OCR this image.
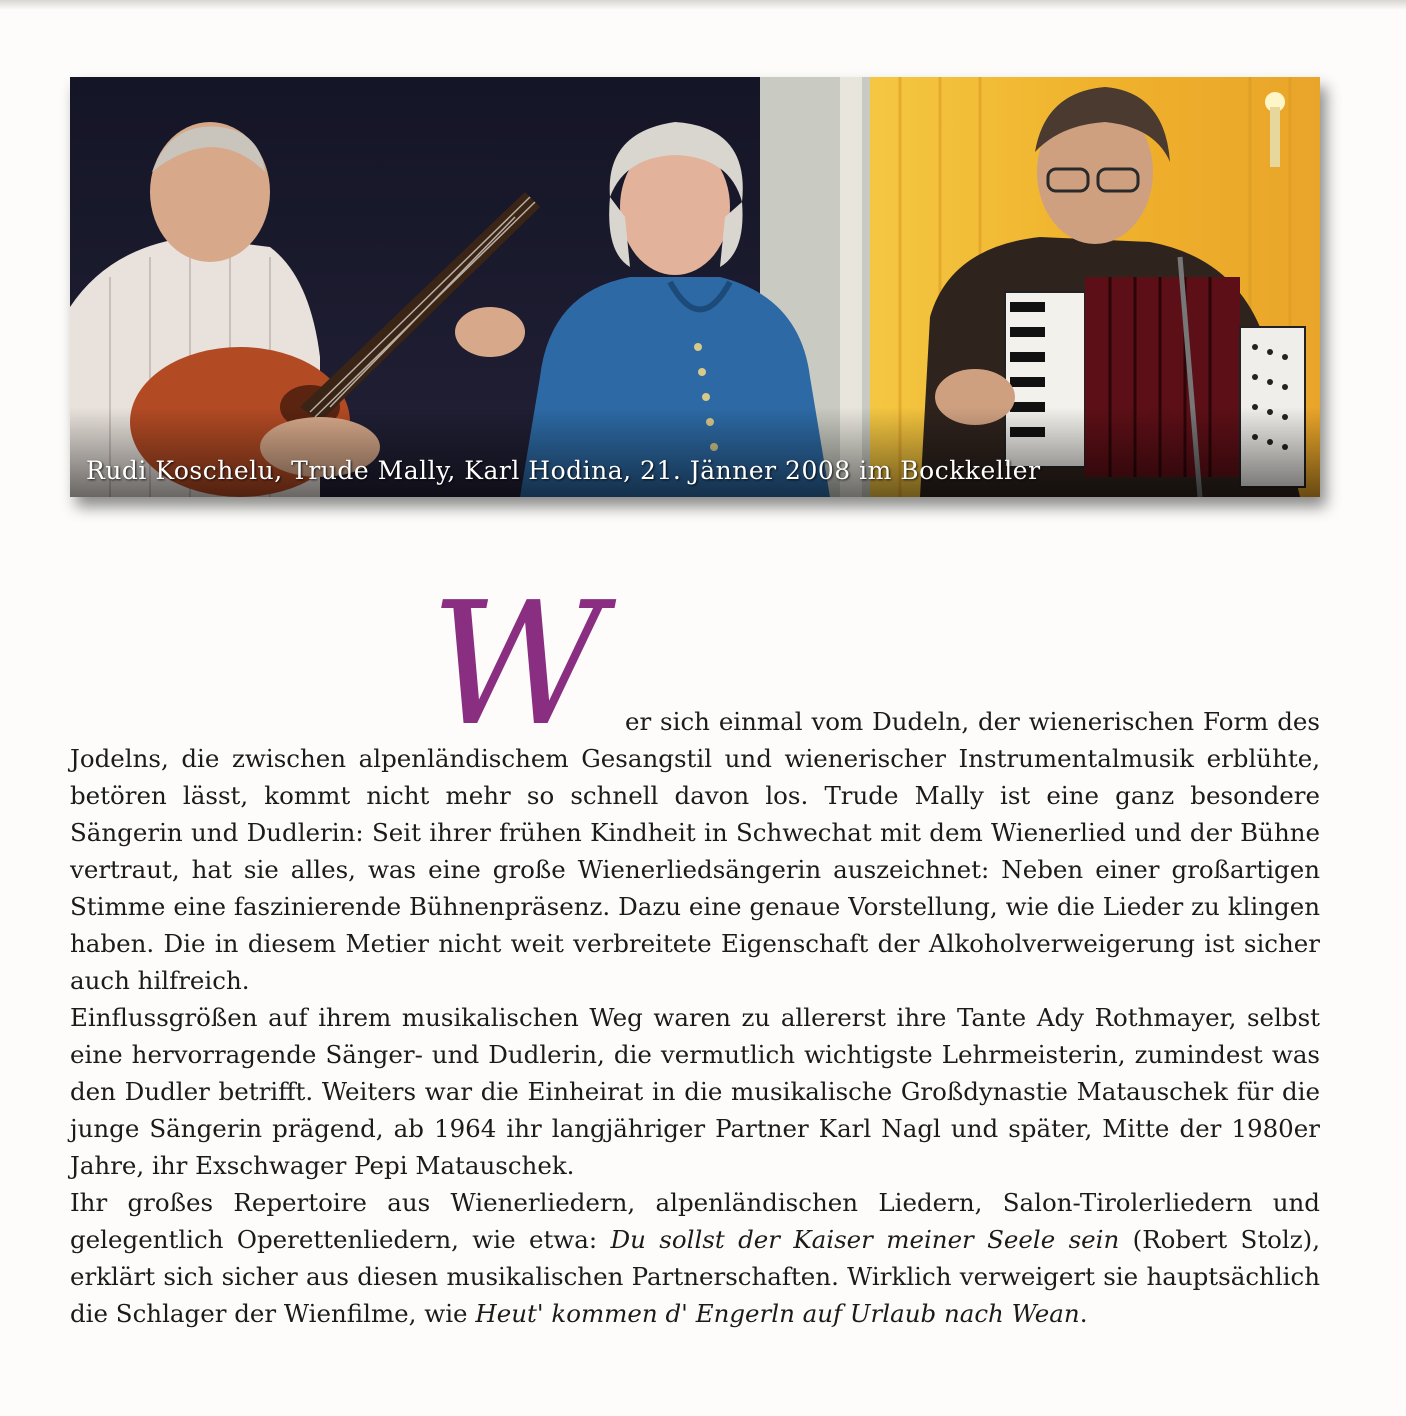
Rudi Koschelu, Trude Mally, Karl Hodina, 21. Jänner 2008 im Bockkeller
W er sich einmal vom Dudeln, der wienerischen Form des Jodelns, die zwischen alpenländischem Gesangstil und wienerischer Instrumentalmusik erblühte, betören lässt, kommt nicht mehr so schnell davon los. Trude Mally ist eine ganz besondere Sängerin und Dudlerin: Seit ihrer frühen Kindheit in Schwechat mit dem Wienerlied und der Bühne vertraut, hat sie alles, was eine große Wienerliedsängerin auszeichnet: Neben einer großartigen Stimme eine faszinierende Bühnenpräsenz. Dazu eine genaue Vorstellung, wie die Lieder zu klingen haben. Die in diesem Metier nicht weit verbreitete Eigenschaft der Alkoholverweigerung ist sicher auch hilfreich.

Einflussgrößen auf ihrem musikalischen Weg waren zu allererst ihre Tante Ady Rothmayer, selbst eine hervorragende Sänger- und Dudlerin, die vermutlich wichtigste Lehrmeisterin, zumindest was den Dudler betrifft. Weiters war die Einheirat in die musikalische Großdynastie Matauschek für die junge Sängerin prägend, ab 1964 ihr langjähriger Partner Karl Nagl und später, Mitte der 1980er Jahre, ihr Exschwager Pepi Matauschek.

Ihr großes Repertoire aus Wienerliedern, alpenländischen Liedern, Salon-Tirolerliedern und gelegentlich Operettenliedern, wie etwa: Du sollst der Kaiser meiner Seele sein (Robert Stolz), erklärt sich sicher aus diesen musikalischen Partnerschaften. Wirklich verweigert sie hauptsächlich die Schlager der Wienfilme, wie Heut' kommen d' Engerln auf Urlaub nach Wean.
